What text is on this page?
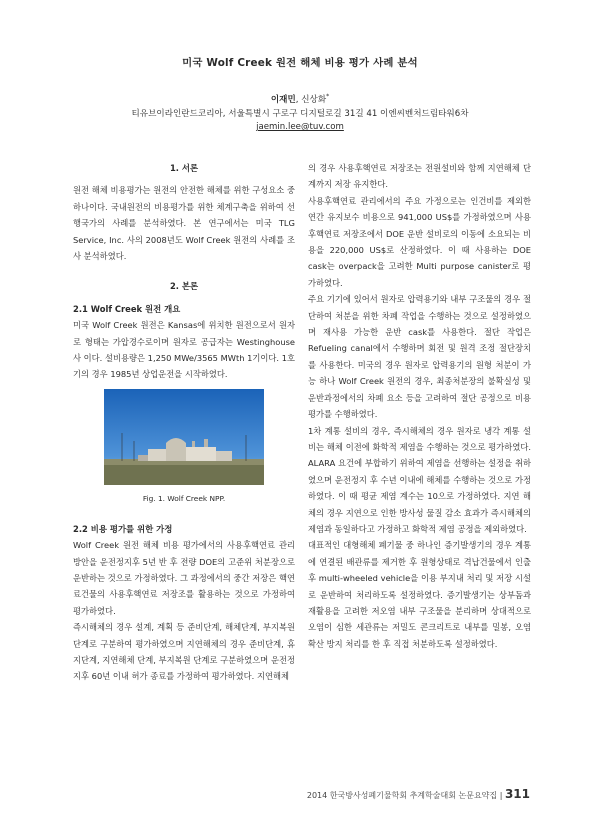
미국 Wolf Creek 원전 해체 비용 평가 사례 분석
이재민, 신상화*
티유브이라인란드코리아, 서울특별시 구로구 디지털로길 31길 41 이엔씨벤처드림타워6차
jaemin.lee@tuv.com
1. 서론

원전 해체 비용평가는 원전의 안전한 해체를 위한 구성요소 중 하나이다. 국내원전의 비용평가를 위한 체계구축을 위하여 선행국가의 사례를 분석하였다. 본 연구에서는 미국 TLG Service, Inc. 사의 2008년도 Wolf Creek 원전의 사례를 조사 분석하였다.

2. 본론
2.1 Wolf Creek 원전 개요

미국 Wolf Creek 원전은 Kansas에 위치한 원전으로서 원자로 형태는 가압경수로이며 원자로 공급자는 Westinghouse사 이다. 설비용량은 1,250 MWe/3565 MWth 1기이다. 1호기의 경우 1985년 상업운전을 시작하였다.

Fig. 1. Wolf Creek NPP.
2.2 비용 평가를 위한 가정

Wolf Creek 원전 해체 비용 평가에서의 사용후핵연료 관리 방안을 운전정지후 5년 반 후 전량 DOE의 고준위 처분장으로 운반하는 것으로 가정하였다. 그 과정에서의 중간 저장은 핵연료건물의 사용후핵연료 저장조를 활용하는 것으로 가정하여 평가하였다.

즉시해체의 경우 설계, 계획 등 준비단계, 해체단계, 부지복원 단계로 구분하여 평가하였으며 지연해체의 경우 준비단계, 휴지단계, 지연해체 단계, 부지복원 단계로 구분하였으며 운전정지후 60년 이내 허가 종료를 가정하여 평가하였다. 지연해체

의 경우 사용후핵연료 저장조는 전원설비와 함께 지연해체 단계까지 저장 유지한다.

사용후핵연료 관리에서의 주요 가정으로는 인건비를 제외한 연간 유지보수 비용으로 941,000 US$를 가정하였으며 사용후핵연료 저장조에서 DOE 운반 설비로의 이동에 소요되는 비용을 220,000 US$로 산정하였다. 이 때 사용하는 DOE cask는 overpack을 고려한 Multi purpose canister로 평가하였다.

주요 기기에 있어서 원자로 압력용기와 내부 구조물의 경우 절단하여 처분을 위한 차폐 작업을 수행하는 것으로 설정하였으며 재사용 가능한 운반 cask를 사용한다. 절단 작업은 Refueling canal에서 수행하며 회전 및 원격 조정 절단장치를 사용한다. 미국의 경우 원자로 압력용기의 원형 처분이 가능 하나 Wolf Creek 원전의 경우, 최종처분장의 불확실성 및 운반과정에서의 차폐 요소 등을 고려하여 절단 공정으로 비용평가를 수행하였다.

1차 계통 설비의 경우, 즉시해체의 경우 원자로 냉각 계통 설비는 해체 이전에 화학적 제염을 수행하는 것으로 평가하였다. ALARA 요건에 부합하기 위하여 제염을 선행하는 설정을 취하였으며 운전정지 후 수년 이내에 해체를 수행하는 것으로 가정하였다. 이 때 평균 제염 계수는 10으로 가정하였다. 지연 해체의 경우 지연으로 인한 방사성 물질 감소 효과가 즉시해체의 제염과 동일하다고 가정하고 화학적 제염 공정을 제외하였다.

대표적인 대형해체 폐기물 중 하나인 증기발생기의 경우 계통에 연결된 배관류를 제거한 후 원형상태로 격납건물에서 인출 후 multi-wheeled vehicle을 이용 부지내 처리 및 저장 시설로 운반하여 처리하도록 설정하였다. 증기발생기는 상부돔과 재활용을 고려한 저오염 내부 구조물을 분리하며 상대적으로 오염이 심한 세관류는 저밀도 콘크리트로 내부를 밀봉, 오염 확산 방지 처리를 한 후 직접 처분하도록 설정하였다.

2014 한국방사성폐기물학회 추계학술대회 논문요약집 | 311
